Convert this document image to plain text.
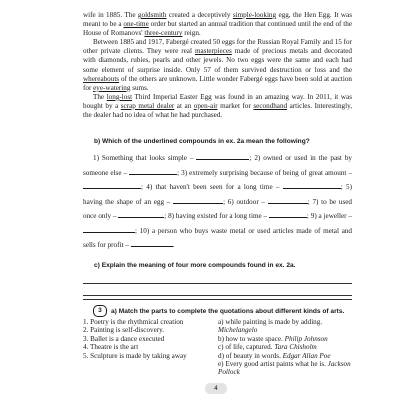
wife in 1885. The goldsmith created a deceptively simple-looking egg, the Hen Egg. It was meant to be a one-time order but started an annual tradition that continued until the end of the House of Romanovs' three-century reign.

Between 1885 and 1917, Fabergé created 50 eggs for the Russian Royal Family and 15 for other private clients. They were real masterpieces made of precious metals and decorated with diamonds, rubies, pearls and other jewels. No two eggs were the same and each had some element of surprise inside. Only 57 of them survived destruction or loss and the whereabouts of the others are unknown. Little wonder Fabergé eggs have been sold at auction for eye-watering sums.

The long-lost Third Imperial Easter Egg was found in an amazing way. In 2011, it was bought by a scrap metal dealer at an open-air market for secondhand articles. Interestingly, the dealer had no idea of what he had purchased.

b) Which of the underlined compounds in ex. 2a mean the following?

1) Something that looks simple –	; 2) owned or used in the past by someone else –	; 3) extremely surprising because of being of great amount – ; 4) that haven't been seen for a long time –	; 5) having the shape of an egg –	; 6) outdoor –	; 7) to be used once only –	; 8) having existed for a long time –	; 9) a jeweller – ; 10) a person who buys waste metal or used articles made of metal and sells for profit –	.

c) Explain the meaning of four more compounds found in ex. 2a.

3	a) Match the parts to complete the quotations about different kinds of arts.

1. Poetry is the rhythmical creation

2. Painting is self-discovery.

3. Ballet is a dance executed

4. Theatre is the art

5. Sculpture is made by taking away

a) while painting is made by adding. Michelangelo

b) how to waste space. Philip Johnson

c) of life, captured. Tara Chisholm

d) of beauty in words. Edgar Allan Poe

e) Every good artist paints what he is. Jackson Pollock

4
